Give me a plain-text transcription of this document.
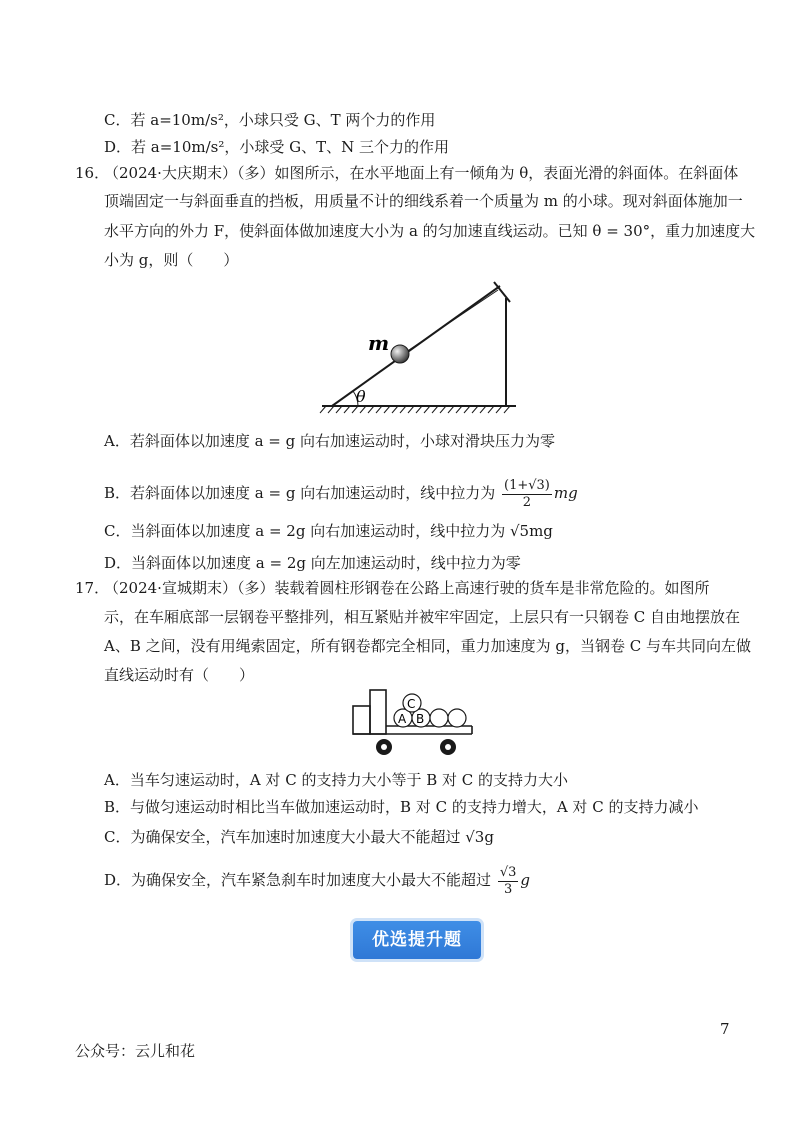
C．若 a=10m/s²，小球只受 G、T 两个力的作用
D．若 a=10m/s²，小球受 G、T、N 三个力的作用
16．
（2024·大庆期末）（多）如图所示，在水平地面上有一倾角为 θ，表面光滑的斜面体。在斜面体
顶端固定一与斜面垂直的挡板，用质量不计的细线系着一个质量为 m 的小球。现对斜面体施加一
水平方向的外力 F，使斜面体做加速度大小为 a 的匀加速直线运动。已知 θ = 30°，重力加速度大
小为 g，则（　　）
m
θ
A．若斜面体以加速度 a = g 向右加速运动时，小球对滑块压力为零
B．若斜面体以加速度 a = g 向右加速运动时，线中拉力为 $\frac{(1+√3)}{2}$ mg
C．当斜面体以加速度 a = 2g 向右加速运动时，线中拉力为 √5mg
D．当斜面体以加速度 a = 2g 向左加速运动时，线中拉力为零
17．
（2024·宣城期末）（多）装载着圆柱形钢卷在公路上高速行驶的货车是非常危险的。如图所
示，在车厢底部一层钢卷平整排列，相互紧贴并被牢牢固定，上层只有一只钢卷 C 自由地摆放在
A、B 之间，没有用绳索固定，所有钢卷都完全相同，重力加速度为 g，当钢卷 C 与车共同向左做
直线运动时有（　　）
A B
C
A．当车匀速运动时，A 对 C 的支持力大小等于 B 对 C 的支持力大小
B．与做匀速运动时相比当车做加速运动时，B 对 C 的支持力增大，A 对 C 的支持力减小
C．为确保安全，汽车加速时加速度大小最大不能超过 √3g
D．为确保安全，汽车紧急刹车时加速度大小最大不能超过 $\frac{√3}{3}$ g
优选提升题
7
公众号：云儿和花
